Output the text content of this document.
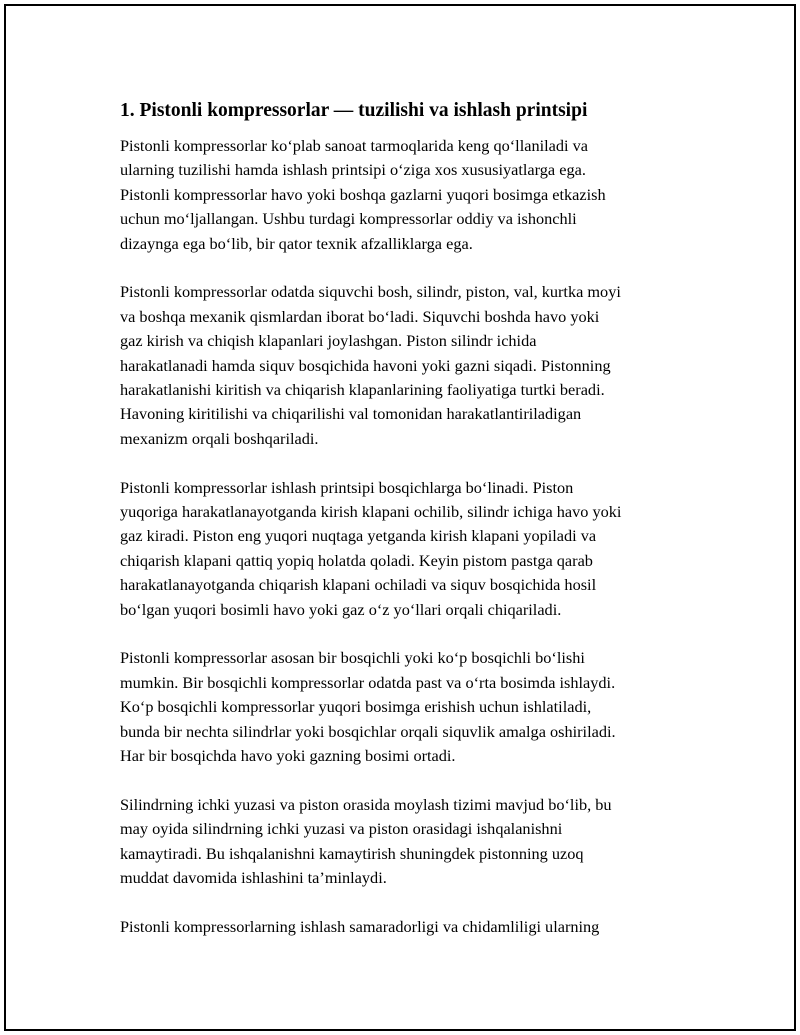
1. Pistonli kompressorlar — tuzilishi va ishlash printsipi

Pistonli kompressorlar ko‘plab sanoat tarmoqlarida keng qo‘llaniladi va
ularning tuzilishi hamda ishlash printsipi o‘ziga xos xususiyatlarga ega.
Pistonli kompressorlar havo yoki boshqa gazlarni yuqori bosimga etkazish
uchun mo‘ljallangan. Ushbu turdagi kompressorlar oddiy va ishonchli
dizaynga ega bo‘lib, bir qator texnik afzalliklarga ega.

Pistonli kompressorlar odatda siquvchi bosh, silindr, piston, val, kurtka moyi
va boshqa mexanik qismlardan iborat bo‘ladi. Siquvchi boshda havo yoki
gaz kirish va chiqish klapanlari joylashgan. Piston silindr ichida
harakatlanadi hamda siquv bosqichida havoni yoki gazni siqadi. Pistonning
harakatlanishi kiritish va chiqarish klapanlarining faoliyatiga turtki beradi.
Havoning kiritilishi va chiqarilishi val tomonidan harakatlantiriladigan
mexanizm orqali boshqariladi.

Pistonli kompressorlar ishlash printsipi bosqichlarga bo‘linadi. Piston
yuqoriga harakatlanayotganda kirish klapani ochilib, silindr ichiga havo yoki
gaz kiradi. Piston eng yuqori nuqtaga yetganda kirish klapani yopiladi va
chiqarish klapani qattiq yopiq holatda qoladi. Keyin pistom pastga qarab
harakatlanayotganda chiqarish klapani ochiladi va siquv bosqichida hosil
bo‘lgan yuqori bosimli havo yoki gaz o‘z yo‘llari orqali chiqariladi.

Pistonli kompressorlar asosan bir bosqichli yoki ko‘p bosqichli bo‘lishi
mumkin. Bir bosqichli kompressorlar odatda past va o‘rta bosimda ishlaydi.
Ko‘p bosqichli kompressorlar yuqori bosimga erishish uchun ishlatiladi,
bunda bir nechta silindrlar yoki bosqichlar orqali siquvlik amalga oshiriladi.
Har bir bosqichda havo yoki gazning bosimi ortadi.

Silindrning ichki yuzasi va piston orasida moylash tizimi mavjud bo‘lib, bu
may oyida silindrning ichki yuzasi va piston orasidagi ishqalanishni
kamaytiradi. Bu ishqalanishni kamaytirish shuningdek pistonning uzoq
muddat davomida ishlashini ta’minlaydi.

Pistonli kompressorlarning ishlash samaradorligi va chidamliligi ularning
